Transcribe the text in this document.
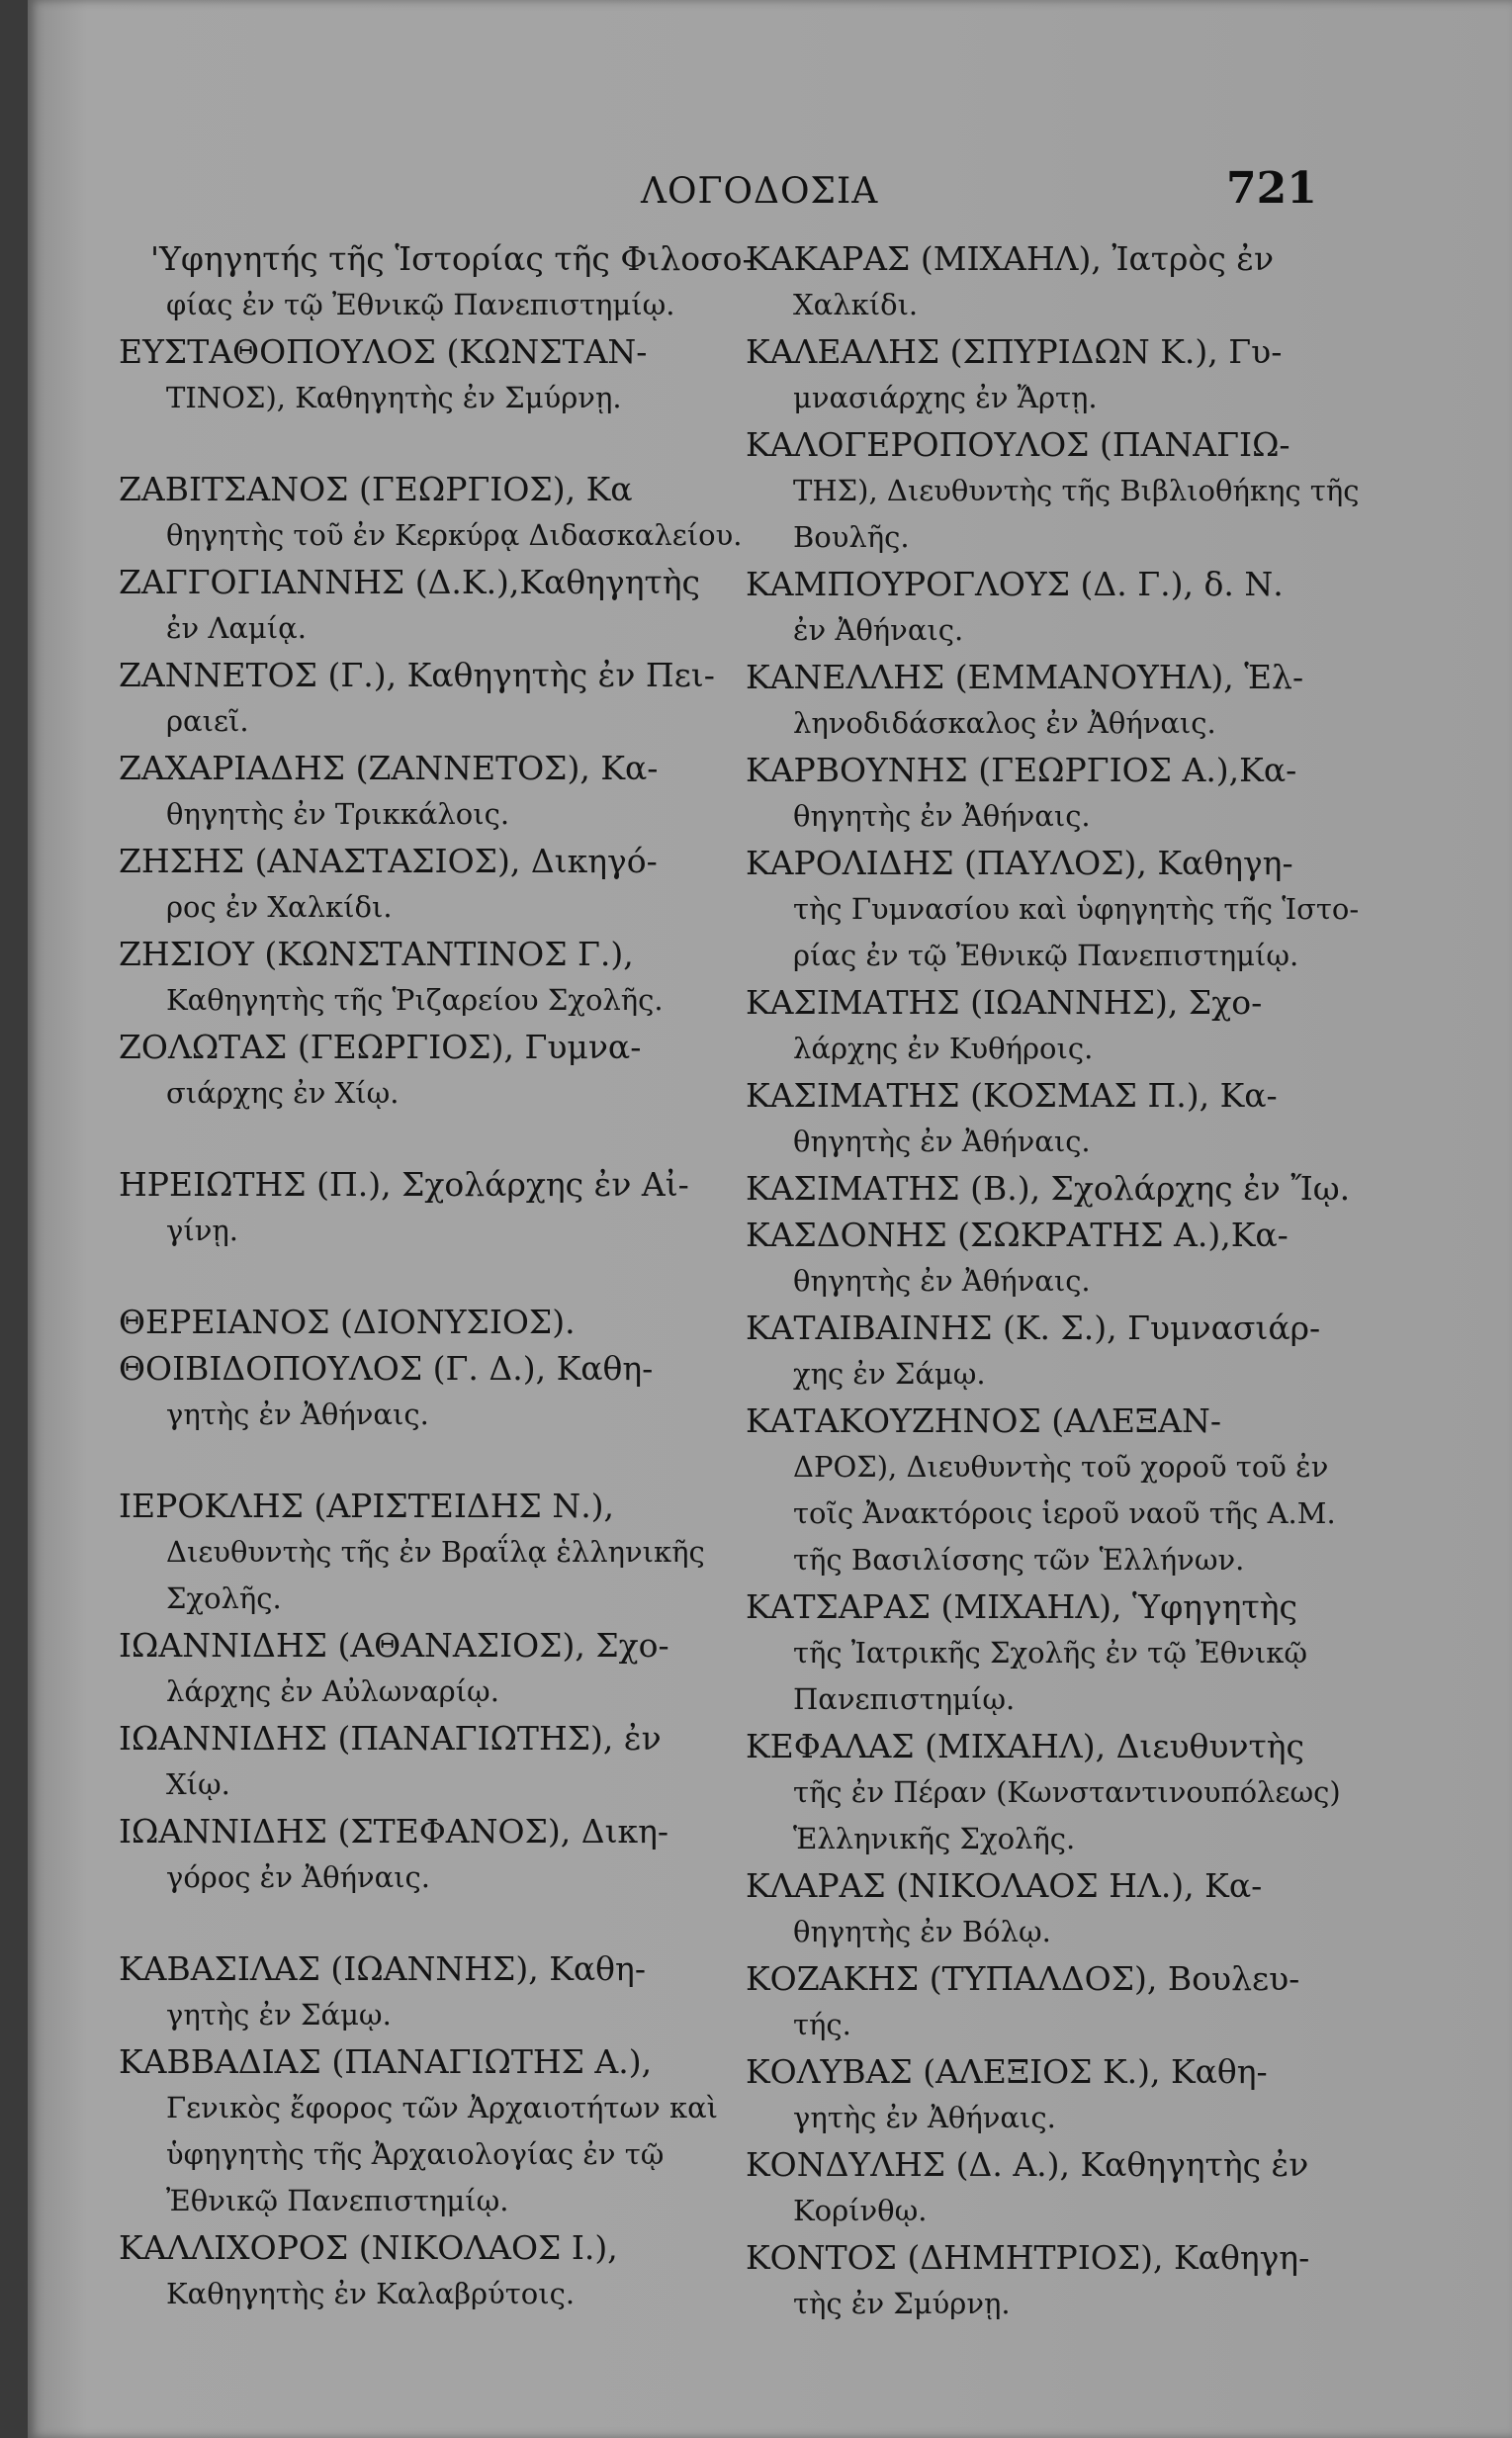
ΛΟΓΟΔΟΣΙΑ	721
'Υφηγητής τῆς Ἱστορίας τῆς Φιλοσο-
φίας ἐν τῷ Ἐθνικῷ Πανεπιστημίῳ.
ΕΥΣΤΑΘΟΠΟΥΛΟΣ (ΚΩΝΣΤΑΝ-
ΤΙΝΟΣ), Καθηγητὴς ἐν Σμύρνῃ.
ΖΑΒΙΤΣΑΝΟΣ (ΓΕΩΡΓΙΟΣ), Κα
θηγητὴς τοῦ ἐν Κερκύρᾳ Διδασκαλείου.
ΖΑΓΓΟΓΙΑΝΝΗΣ (Δ.Κ.),Καθηγητὴς
ἐν Λαμίᾳ.
ΖΑΝΝΕΤΟΣ (Γ.), Καθηγητὴς ἐν Πει-
ραιεῖ.
ΖΑΧΑΡΙΑΔΗΣ (ΖΑΝΝΕΤΟΣ), Κα-
θηγητὴς ἐν Τρικκάλοις.
ΖΗΣΗΣ (ΑΝΑΣΤΑΣΙΟΣ), Δικηγό-
ρος ἐν Χαλκίδι.
ΖΗΣΙΟΥ (ΚΩΝΣΤΑΝΤΙΝΟΣ Γ.),
Καθηγητὴς τῆς Ῥιζαρείου Σχολῆς.
ΖΟΛΩΤΑΣ (ΓΕΩΡΓΙΟΣ), Γυμνα-
σιάρχης ἐν Χίῳ.
ΗΡΕΙΩΤΗΣ (Π.), Σχολάρχης ἐν Αἰ-
γίνῃ.
ΘΕΡΕΙΑΝΟΣ (ΔΙΟΝΥΣΙΟΣ).
ΘΟΙΒΙΔΟΠΟΥΛΟΣ (Γ. Δ.), Καθη-
γητὴς ἐν Ἀθήναις.
ΙΕΡΟΚΛΗΣ (ΑΡΙΣΤΕΙΔΗΣ Ν.),
Διευθυντὴς τῆς ἐν Βραΐλᾳ ἑλληνικῆς
Σχολῆς.
ΙΩΑΝΝΙΔΗΣ (ΑΘΑΝΑΣΙΟΣ), Σχο-
λάρχης ἐν Αὐλωναρίῳ.
ΙΩΑΝΝΙΔΗΣ (ΠΑΝΑΓΙΩΤΗΣ), ἐν
Χίῳ.
ΙΩΑΝΝΙΔΗΣ (ΣΤΕΦΑΝΟΣ), Δικη-
γόρος ἐν Ἀθήναις.
ΚΑΒΑΣΙΛΑΣ (ΙΩΑΝΝΗΣ), Καθη-
γητὴς ἐν Σάμῳ.
ΚΑΒΒΑΔΙΑΣ (ΠΑΝΑΓΙΩΤΗΣ Α.),
Γενικὸς ἔφορος τῶν Ἀρχαιοτήτων καὶ
ὑφηγητὴς τῆς Ἀρχαιολογίας ἐν τῷ
Ἐθνικῷ Πανεπιστημίῳ.
ΚΑΛΛΙΧΟΡΟΣ (ΝΙΚΟΛΑΟΣ Ι.),
Καθηγητὴς ἐν Καλαβρύτοις.
ΚΑΚΑΡΑΣ (ΜΙΧΑΗΛ), Ἰατρὸς ἐν
Χαλκίδι.
ΚΑΛΕΑΛΗΣ (ΣΠΥΡΙΔΩΝ Κ.), Γυ-
μνασιάρχης ἐν Ἄρτῃ.
ΚΑΛΟΓΕΡΟΠΟΥΛΟΣ (ΠΑΝΑΓΙΩ-
ΤΗΣ), Διευθυντὴς τῆς Βιβλιοθήκης τῆς
Βουλῆς.
ΚΑΜΠΟΥΡΟΓΛΟΥΣ (Δ. Γ.), δ. Ν.
ἐν Ἀθήναις.
ΚΑΝΕΛΛΗΣ (ΕΜΜΑΝΟΥΗΛ), Ἑλ-
ληνοδιδάσκαλος ἐν Ἀθήναις.
ΚΑΡΒΟΥΝΗΣ (ΓΕΩΡΓΙΟΣ Α.),Κα-
θηγητὴς ἐν Ἀθήναις.
ΚΑΡΟΛΙΔΗΣ (ΠΑΥΛΟΣ), Καθηγη-
τὴς Γυμνασίου καὶ ὑφηγητὴς τῆς Ἱστο-
ρίας ἐν τῷ Ἐθνικῷ Πανεπιστημίῳ.
ΚΑΣΙΜΑΤΗΣ (ΙΩΑΝΝΗΣ), Σχο-
λάρχης ἐν Κυθήροις.
ΚΑΣΙΜΑΤΗΣ (ΚΟΣΜΑΣ Π.), Κα-
θηγητὴς ἐν Ἀθήναις.
ΚΑΣΙΜΑΤΗΣ (Β.), Σχολάρχης ἐν Ἴῳ.
ΚΑΣΔΟΝΗΣ (ΣΩΚΡΑΤΗΣ Α.),Κα-
θηγητὴς ἐν Ἀθήναις.
ΚΑΤΑΙΒΑΙΝΗΣ (Κ. Σ.), Γυμνασιάρ-
χης ἐν Σάμῳ.
ΚΑΤΑΚΟΥΖΗΝΟΣ (ΑΛΕΞΑΝ-
ΔΡΟΣ), Διευθυντὴς τοῦ χοροῦ τοῦ ἐν
τοῖς Ἀνακτόροις ἱεροῦ ναοῦ τῆς Α.Μ.
τῆς Βασιλίσσης τῶν Ἑλλήνων.
ΚΑΤΣΑΡΑΣ (ΜΙΧΑΗΛ), Ὑφηγητὴς
τῆς Ἰατρικῆς Σχολῆς ἐν τῷ Ἐθνικῷ
Πανεπιστημίῳ.
ΚΕΦΑΛΑΣ (ΜΙΧΑΗΛ), Διευθυντὴς
τῆς ἐν Πέραν (Κωνσταντινουπόλεως)
Ἑλληνικῆς Σχολῆς.
ΚΛΑΡΑΣ (ΝΙΚΟΛΑΟΣ ΗΛ.), Κα-
θηγητὴς ἐν Βόλῳ.
ΚΟΖΑΚΗΣ (ΤΥΠΑΛΔΟΣ), Βουλευ-
τής.
ΚΟΛΥΒΑΣ (ΑΛΕΞΙΟΣ Κ.), Καθη-
γητὴς ἐν Ἀθήναις.
ΚΟΝΔΥΛΗΣ (Δ. Α.), Καθηγητὴς ἐν
Κορίνθῳ.
ΚΟΝΤΟΣ (ΔΗΜΗΤΡΙΟΣ), Καθηγη-
τὴς ἐν Σμύρνῃ.
